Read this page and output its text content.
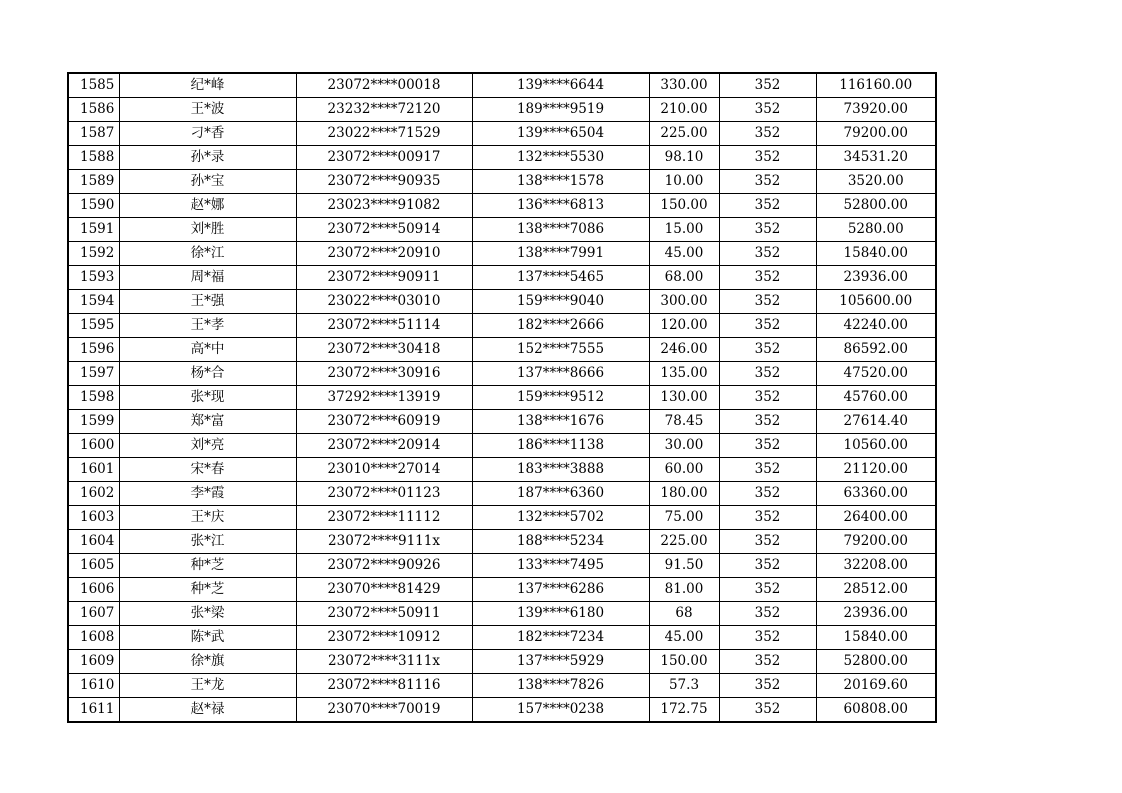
1585	纪*峰	23072****00018	139****6644	330.00	352	116160.00
1586	王*波	23232****72120	189****9519	210.00	352	73920.00
1587	刁*香	23022****71529	139****6504	225.00	352	79200.00
1588	孙*录	23072****00917	132****5530	98.10	352	34531.20
1589	孙*宝	23072****90935	138****1578	10.00	352	3520.00
1590	赵*娜	23023****91082	136****6813	150.00	352	52800.00
1591	刘*胜	23072****50914	138****7086	15.00	352	5280.00
1592	徐*江	23072****20910	138****7991	45.00	352	15840.00
1593	周*福	23072****90911	137****5465	68.00	352	23936.00
1594	王*强	23022****03010	159****9040	300.00	352	105600.00
1595	王*孝	23072****51114	182****2666	120.00	352	42240.00
1596	高*中	23072****30418	152****7555	246.00	352	86592.00
1597	杨*合	23072****30916	137****8666	135.00	352	47520.00
1598	张*现	37292****13919	159****9512	130.00	352	45760.00
1599	郑*富	23072****60919	138****1676	78.45	352	27614.40
1600	刘*亮	23072****20914	186****1138	30.00	352	10560.00
1601	宋*春	23010****27014	183****3888	60.00	352	21120.00
1602	李*霞	23072****01123	187****6360	180.00	352	63360.00
1603	王*庆	23072****11112	132****5702	75.00	352	26400.00
1604	张*江	23072****9111x	188****5234	225.00	352	79200.00
1605	种*芝	23072****90926	133****7495	91.50	352	32208.00
1606	种*芝	23070****81429	137****6286	81.00	352	28512.00
1607	张*梁	23072****50911	139****6180	68	352	23936.00
1608	陈*武	23072****10912	182****7234	45.00	352	15840.00
1609	徐*旗	23072****3111x	137****5929	150.00	352	52800.00
1610	王*龙	23072****81116	138****7826	57.3	352	20169.60
1611	赵*禄	23070****70019	157****0238	172.75	352	60808.00
